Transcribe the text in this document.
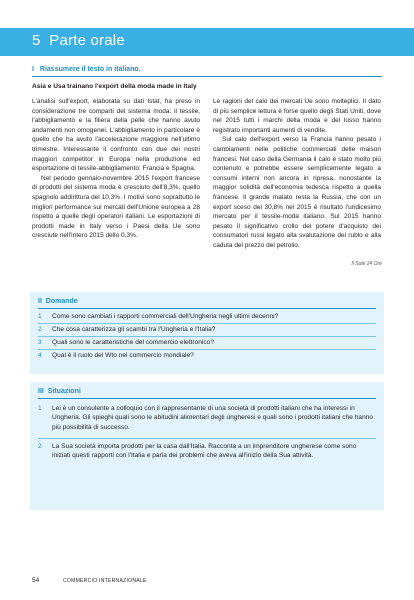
5 Parte orale
I Riassumere il testo in italiano.
Asia e Usa trainano l'export della moda made in Italy

L'analisi sull'export, elaborata su dati Istat, ha preso in considerazione tre comparti del sistema moda: il tessile, l'abbigliamento e la filiera della pelle che hanno avuto andamenti non omogenei. L'abbigliamento in particolare è quello che ha avuto l'accelerazione maggiore nell'ultimo trimestre. Interessante il confronto con due dei nostri maggiori competitor in Europa nella produzione ed esportazione di tessile-abbigliamento: Francia e Spagna.

Nel periodo gennaio-novembre 2015 l'export francese di prodotti del sistema moda è cresciuto dell'8,3%, quello spagnolo addirittura del 10,3%. I motivi sono soprattutto le migliori performance sui mercati dell'Unione europea a 28 rispetto a quelle degli operatori italiani. Le esportazioni di prodotti made in Italy verso i Paesi della Ue sono cresciute nell'intero 2015 dello 0,3%.

Le ragioni del calo dei mercati Ue sono molteplici. Il dato di più semplice lettura è forse quello degli Stati Uniti, dove nel 2015 tutti i marchi della moda e del lusso hanno registrato importanti aumenti di vendite.

Sul calo dell'export verso la Francia hanno pesato i cambiamenti nelle politiche commerciali delle maison francesi. Nel caso della Germania il calo è stato molto più contenuto e potrebbe essere semplicemente legato a consumi interni non ancora in ripresa, nonostante la maggior solidità dell'economia tedesca rispetto a quella francese. Il grande malato resta la Russia, che con un export sceso del 30,8% nel 2015 è risultato l'undicesimo mercato per il tessile-moda italiano. Sul 2015 hanno pesato il significativo crollo del potere d'acquisto dei consumatori russi legato alla svalutazione del rublo e alla caduta del prezzo del petrolio.

Il Sole 24 Ore
II Domande
1 Come sono cambiati i rapporti commerciali dell'Ungheria negli ultimi decenni?
2 Che cosa caratterizza gli scambi tra l'Ungheria e l'Italia?
3 Quali sono le caratteristiche del commercio elettronico?
4 Qual è il ruolo del Wto nel commercio mondiale?
III Situazioni
1 Lei è un consulente a colloquio con il rappresentante di una società di prodotti italiani che ha interessi in Ungheria. Gli spieghi quali sono le abitudini alimentari degli ungheresi e quali sono i prodotti italiani che hanno più possibilità di successo.
2 La Sua società importa prodotti per la casa dall'Italia. Racconta a un imprenditore ungherese come sono iniziati questi rapporti con l'Italia e parla dei problemi che aveva all'inizio della Sua attività.
54	COMMERCIO INTERNAZIONALE
